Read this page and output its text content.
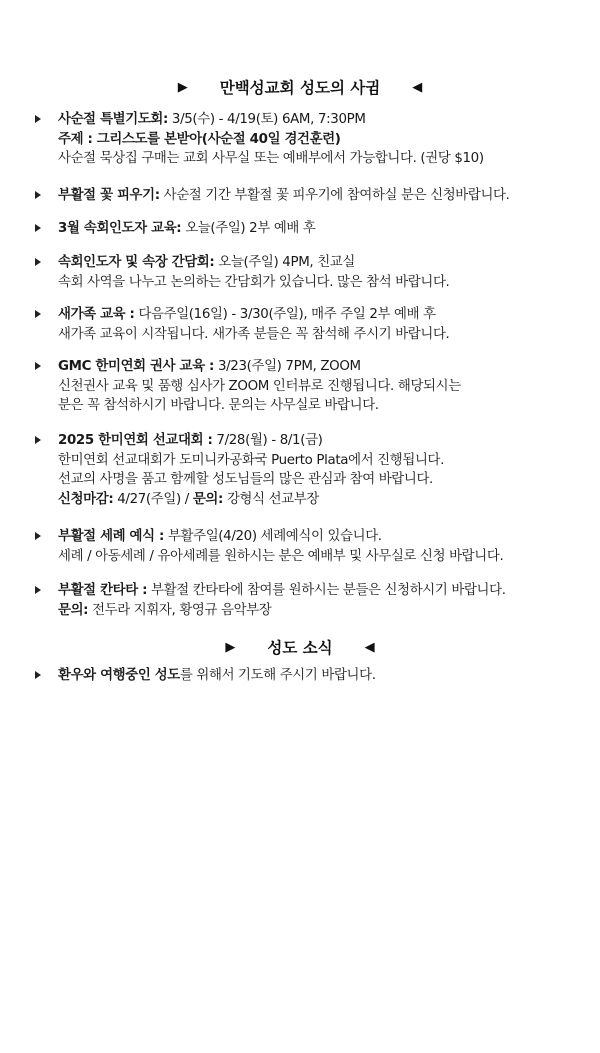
▶ 만백성교회 성도의 사귐 ◀
사순절 특별기도회: 3/5(수) - 4/19(토) 6AM, 7:30PM
주제 : 그리스도를 본받아(사순절 40일 경건훈련)
사순절 묵상집 구매는 교회 사무실 또는 예배부에서 가능합니다. (권당 $10)
부활절 꽃 피우기: 사순절 기간 부활절 꽃 피우기에 참여하실 분은 신청바랍니다.
3월 속회인도자 교육: 오늘(주일) 2부 예배 후
속회인도자 및 속장 간담회: 오늘(주일) 4PM, 친교실
속회 사역을 나누고 논의하는 간담회가 있습니다. 많은 참석 바랍니다.
새가족 교육 : 다음주일(16일) - 3/30(주일), 매주 주일 2부 예배 후
새가족 교육이 시작됩니다. 새가족 분들은 꼭 참석해 주시기 바랍니다.
GMC 한미연회 권사 교육 : 3/23(주일) 7PM, ZOOM
신천권사 교육 및 품행 심사가 ZOOM 인터뷰로 진행됩니다. 해당되시는
분은 꼭 참석하시기 바랍니다. 문의는 사무실로 바랍니다.
2025 한미연회 선교대회 : 7/28(월) - 8/1(금)
한미연회 선교대회가 도미니카공화국 Puerto Plata에서 진행됩니다.
선교의 사명을 품고 함께할 성도님들의 많은 관심과 참여 바랍니다.
신청마감: 4/27(주일) / 문의: 강형식 선교부장
부활절 세례 예식 : 부활주일(4/20) 세례예식이 있습니다.
세례 / 아동세례 / 유아세례를 원하시는 분은 예배부 및 사무실로 신청 바랍니다.
부활절 칸타타 : 부활절 칸타타에 참여를 원하시는 분들은 신청하시기 바랍니다.
문의: 전두라 지휘자, 황영규 음악부장
▶ 성도 소식 ◀
환우와 여행중인 성도를 위해서 기도해 주시기 바랍니다.
